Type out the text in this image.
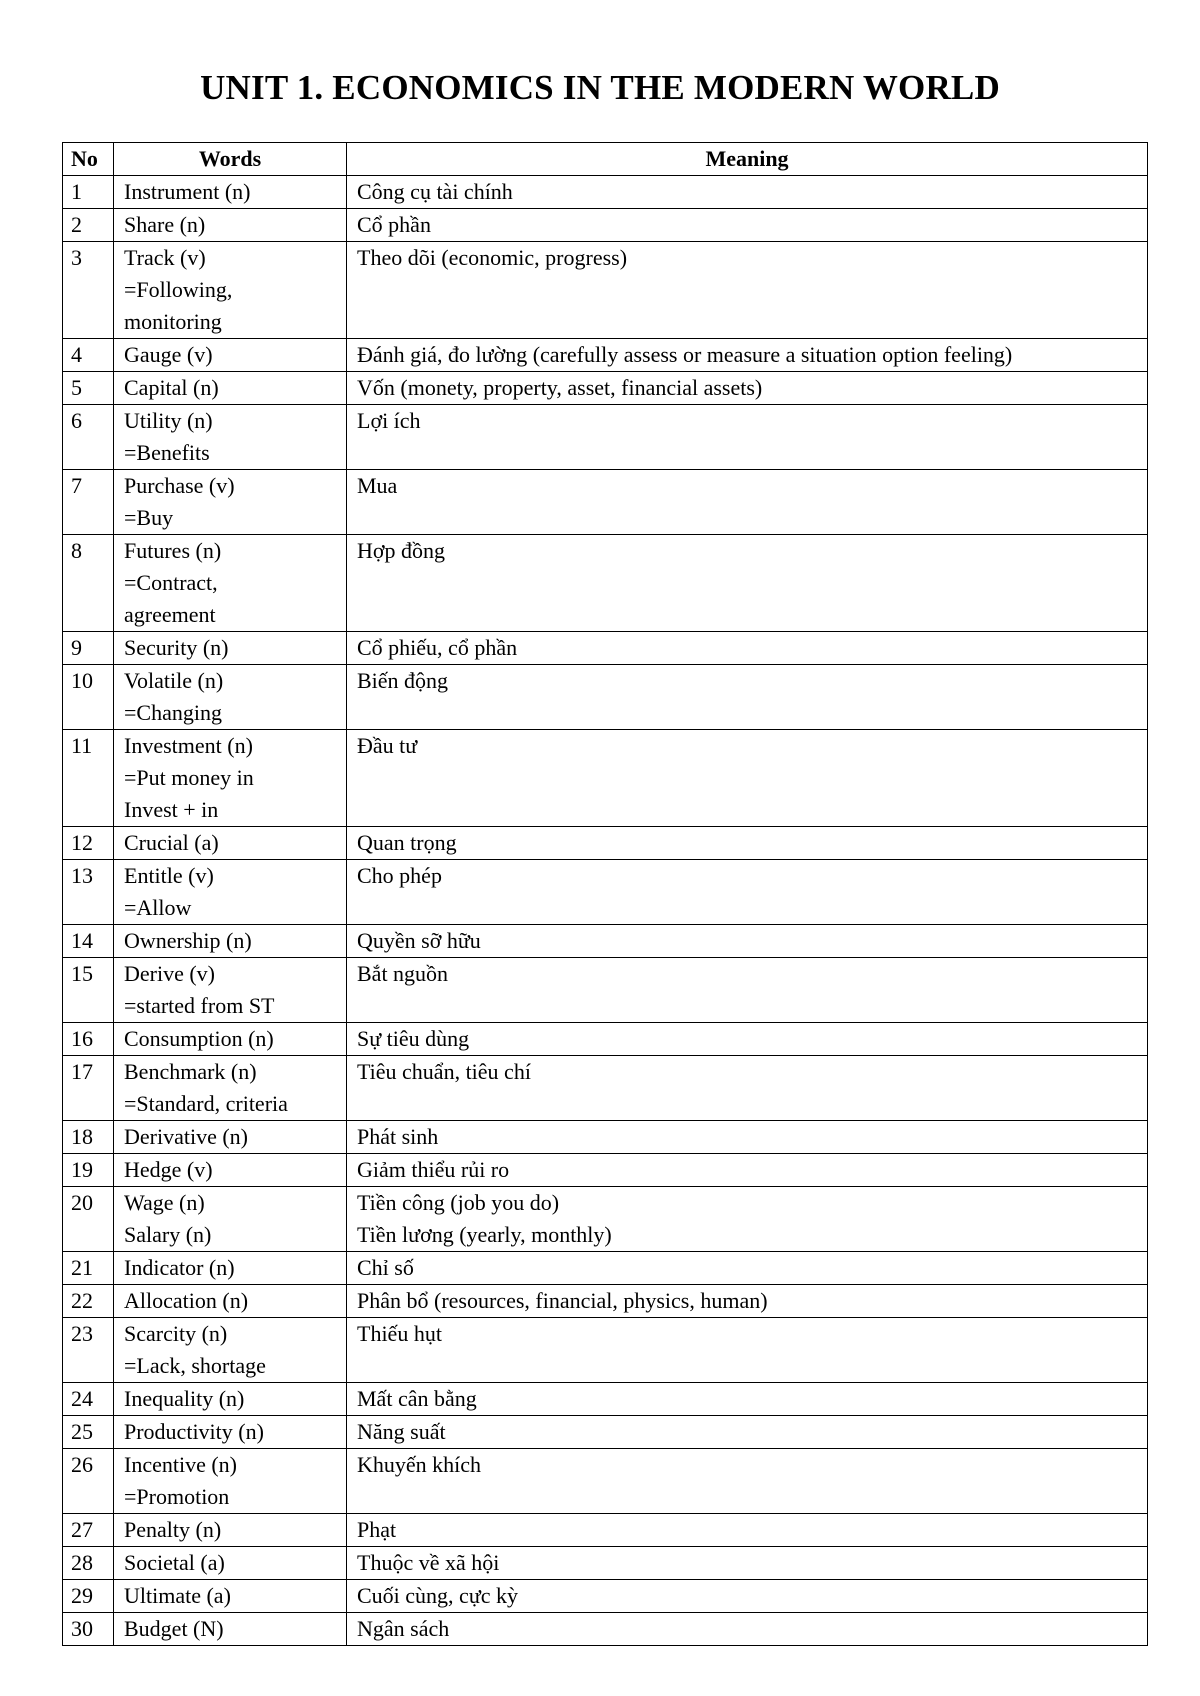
UNIT 1. ECONOMICS IN THE MODERN WORLD
No	Words	Meaning
1	Instrument (n)	Công cụ tài chính

2	Share (n)	Cổ phần

3	Track (v)
=Following,
monitoring	Theo dõi (economic, progress)

4	Gauge (v)	Đánh giá, đo lường (carefully assess or measure a situation option feeling)

5	Capital (n)	Vốn (monety, property, asset, financial assets)

6	Utility (n)
=Benefits	Lợi ích

7	Purchase (v)
=Buy	Mua

8	Futures (n)
=Contract,
agreement	Hợp đồng

9	Security (n)	Cổ phiếu, cổ phần

10	Volatile (n)
=Changing	Biến động

11	Investment (n)
=Put money in
Invest + in	Đầu tư

12	Crucial (a)	Quan trọng

13	Entitle (v)
=Allow	Cho phép

14	Ownership (n)	Quyền sỡ hữu

15	Derive (v)
=started from ST	Bắt nguồn

16	Consumption (n)	Sự tiêu dùng

17	Benchmark (n)
=Standard, criteria	Tiêu chuẩn, tiêu chí

18	Derivative (n)	Phát sinh

19	Hedge (v)	Giảm thiểu rủi ro

20	Wage (n)
Salary (n)	Tiền công (job you do)
Tiền lương (yearly, monthly)

21	Indicator (n)	Chỉ số

22	Allocation (n)	Phân bổ (resources, financial, physics, human)

23	Scarcity (n)
=Lack, shortage	Thiếu hụt

24	Inequality (n)	Mất cân bằng

25	Productivity (n)	Năng suất

26	Incentive (n)
=Promotion	Khuyến khích

27	Penalty (n)	Phạt

28	Societal (a)	Thuộc về xã hội

29	Ultimate (a)	Cuối cùng, cực kỳ

30	Budget (N)	Ngân sách
